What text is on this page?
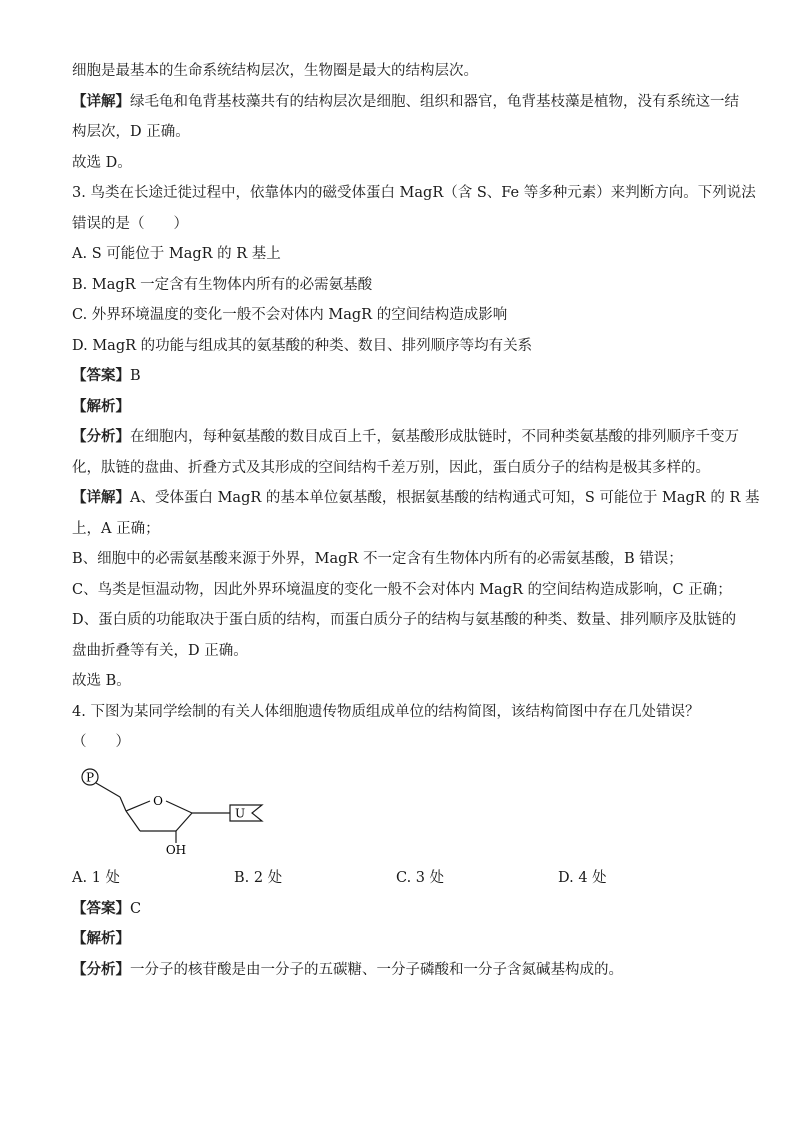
细胞是最基本的生命系统结构层次，生物圈是最大的结构层次。

【详解】绿毛龟和龟背基枝藻共有的结构层次是细胞、组织和器官，龟背基枝藻是植物，没有系统这一结

构层次，D 正确。

故选 D。

3. 鸟类在长途迁徙过程中，依靠体内的磁受体蛋白 MagR（含 S、Fe 等多种元素）来判断方向。下列说法

错误的是（　　）

A. S 可能位于 MagR 的 R 基上

B. MagR 一定含有生物体内所有的必需氨基酸

C. 外界环境温度的变化一般不会对体内 MagR 的空间结构造成影响

D. MagR 的功能与组成其的氨基酸的种类、数目、排列顺序等均有关系

【答案】B

【解析】

【分析】在细胞内，每种氨基酸的数目成百上千，氨基酸形成肽链时，不同种类氨基酸的排列顺序千变万

化，肽链的盘曲、折叠方式及其形成的空间结构千差万别，因此，蛋白质分子的结构是极其多样的。

【详解】A、受体蛋白 MagR 的基本单位氨基酸，根据氨基酸的结构通式可知，S 可能位于 MagR 的 R 基

上，A 正确；

B、细胞中的必需氨基酸来源于外界，MagR 不一定含有生物体内所有的必需氨基酸，B 错误；

C、鸟类是恒温动物，因此外界环境温度的变化一般不会对体内 MagR 的空间结构造成影响，C 正确；

D、蛋白质的功能取决于蛋白质的结构，而蛋白质分子的结构与氨基酸的种类、数量、排列顺序及肽链的

盘曲折叠等有关，D 正确。

故选 B。

4. 下图为某同学绘制的有关人体细胞遗传物质组成单位的结构简图，该结构简图中存在几处错误？

（　　）

P
O
OH
U
A. 1 处	B. 2 处	C. 3 处	D. 4 处

【答案】C

【解析】

【分析】一分子的核苷酸是由一分子的五碳糖、一分子磷酸和一分子含氮碱基构成的。
